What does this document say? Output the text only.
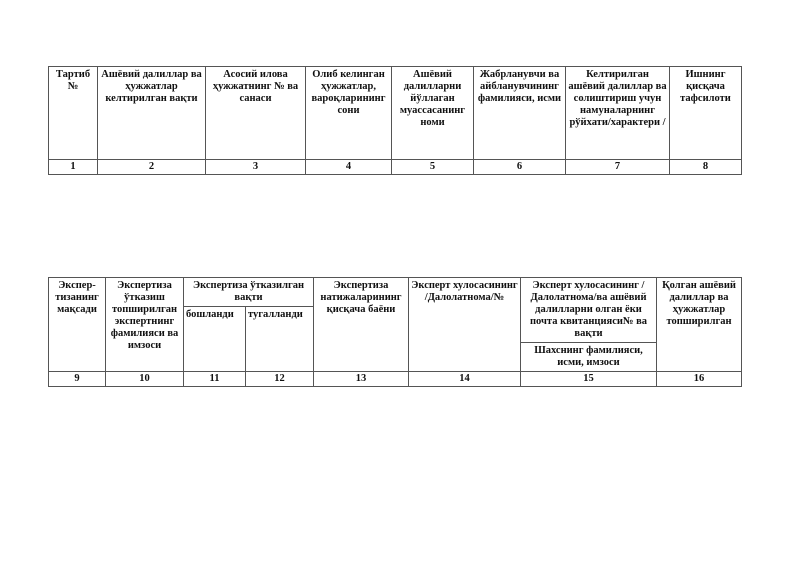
Тартиб №	Ашёвий далиллар ва ҳужжатлар келтирилган вақти	Асосий илова ҳужжатнинг № ва санаси	Олиб келинган ҳужжатлар, вароқларининг сони	Ашёвий далилларни йўллаган муассасанинг номи	Жабрланувчи ва айбланувчининг фамилияси, исми	Келтирилган ашёвий далиллар ва солиштириш учун намуналарнинг рўйхати/характери /	Ишнинг қисқача тафсилоти
1	2	3	4	5	6	7	8
Экспер-тизанинг мақсади	Экспертиза ўтказиш топширилган экспертнинг фамилияси ва имзоси	Экспертиза ўтказилган вақти		Экспертиза натижаларининг қисқача баёни	Эксперт хулосасининг /Далолатнома/№	Эксперт хулосасининг /Далолатнома/ва ашёвий далилларни олган ёки почта квитанцияси№ ва вақти	Қолган ашёвий далиллар ва ҳужжатлар топширилган
		бошланди	тугалланди				
						Шахснинг фамилияси, исми, имзоси	
9	10	11	12	13	14	15	16
